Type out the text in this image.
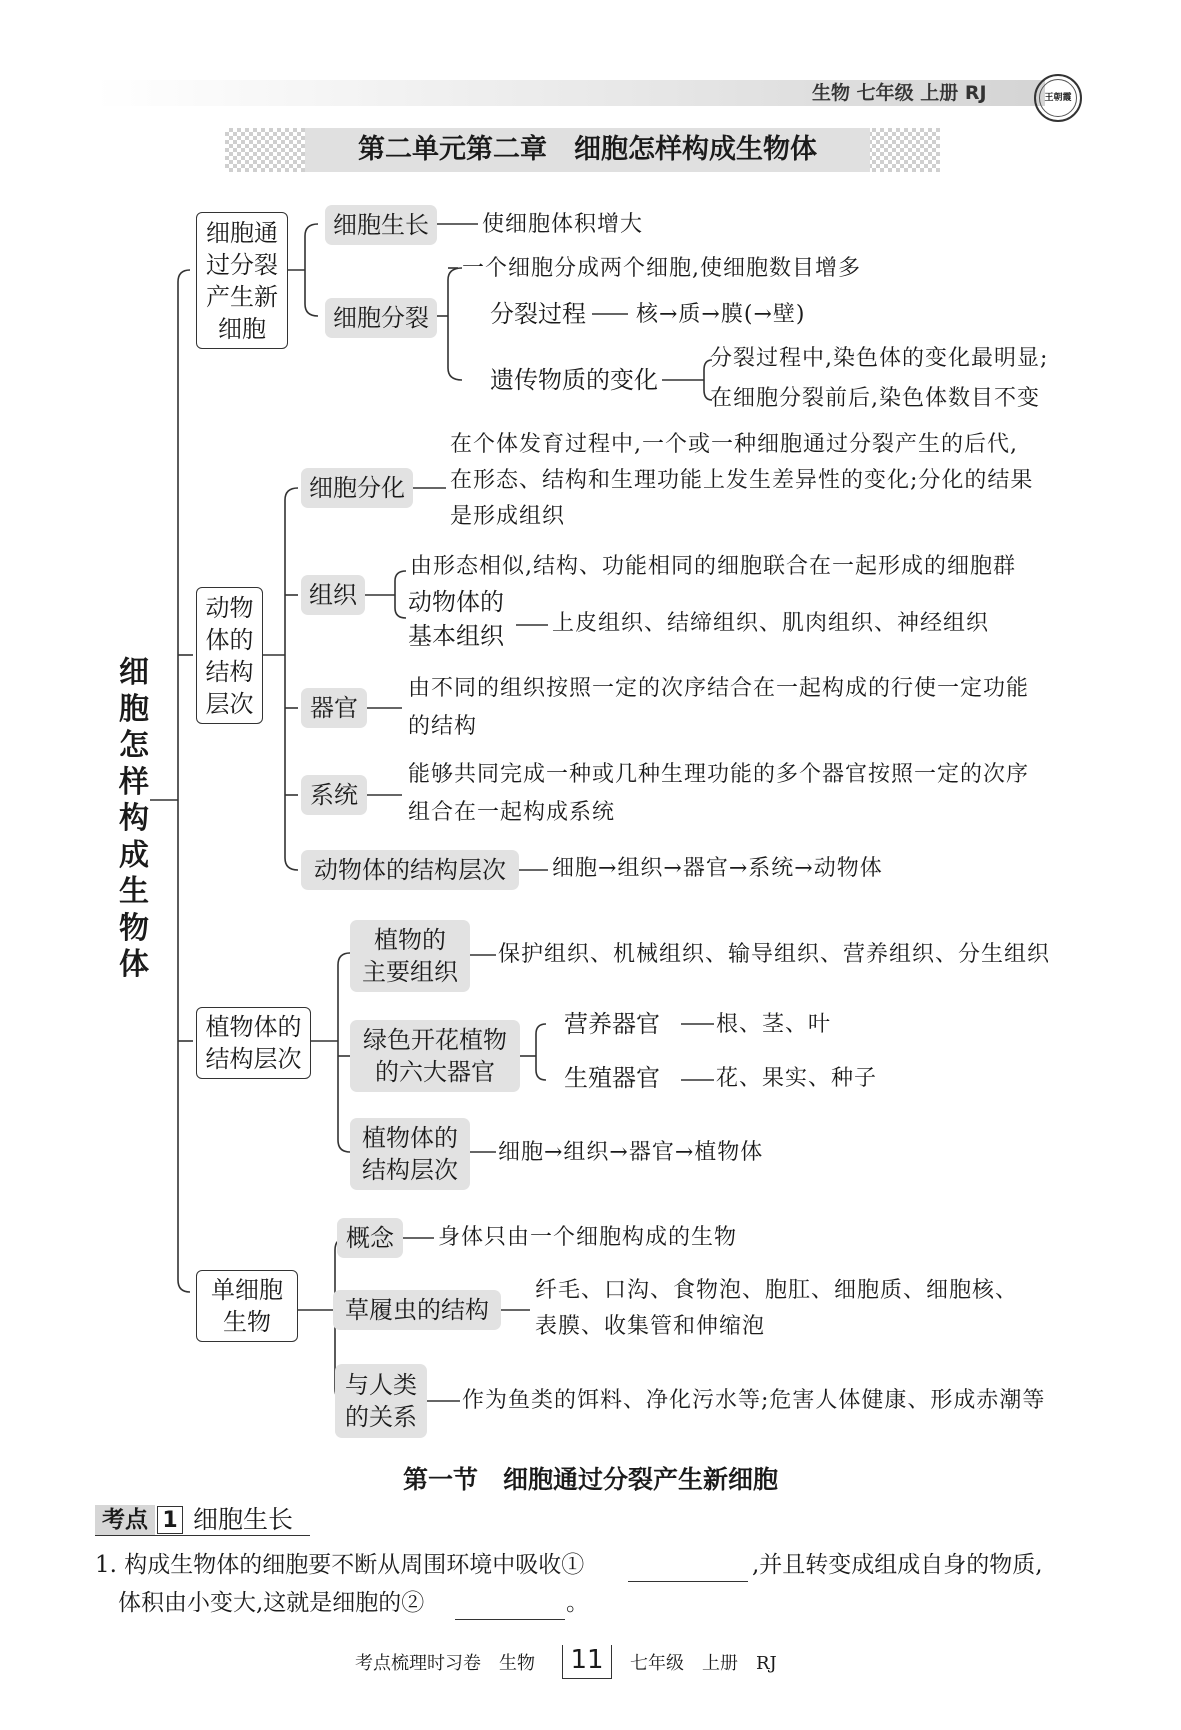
生物 七年级 上册 RJ	王朝霞
第二单元第二章　细胞怎样构成生物体
细胞怎样构成生物体
细胞通
过分裂
产生新
细胞
细胞生长	使细胞体积增大
细胞分裂
一个细胞分成两个细胞,使细胞数目增多
分裂过程 核→质→膜(→壁)
遗传物质的变化
分裂过程中,染色体的变化最明显;
在细胞分裂前后,染色体数目不变
动物
体的
结构
层次
细胞分化
在个体发育过程中,一个或一种细胞通过分裂产生的后代,
在形态、结构和生理功能上发生差异性的变化;分化的结果
是形成组织
组织
由形态相似,结构、功能相同的细胞联合在一起形成的细胞群
动物体的
基本组织 上皮组织、结缔组织、肌肉组织、神经组织
器官
由不同的组织按照一定的次序结合在一起构成的行使一定功能
的结构
系统
能够共同完成一种或几种生理功能的多个器官按照一定的次序
组合在一起构成系统
动物体的结构层次	细胞→组织→器官→系统→动物体
植物体的
结构层次
植物的
主要组织
保护组织、机械组织、输导组织、营养组织、分生组织
绿色开花植物
的六大器官
营养器官	根、茎、叶
生殖器官	花、果实、种子
植物体的
结构层次
细胞→组织→器官→植物体
单细胞
生物
概念	身体只由一个细胞构成的生物
草履虫的结构
纤毛、口沟、食物泡、胞肛、细胞质、细胞核、
表膜、收集管和伸缩泡
与人类
的关系
作为鱼类的饵料、净化污水等;危害人体健康、形成赤潮等
第一节　细胞通过分裂产生新细胞
考点 1 细胞生长
1. 构成生物体的细胞要不断从周围环境中吸收①	,并且转变成组成自身的物质,
体积由小变大,这就是细胞的②	。
考点梳理时习卷　生物	11	七年级　上册　RJ
